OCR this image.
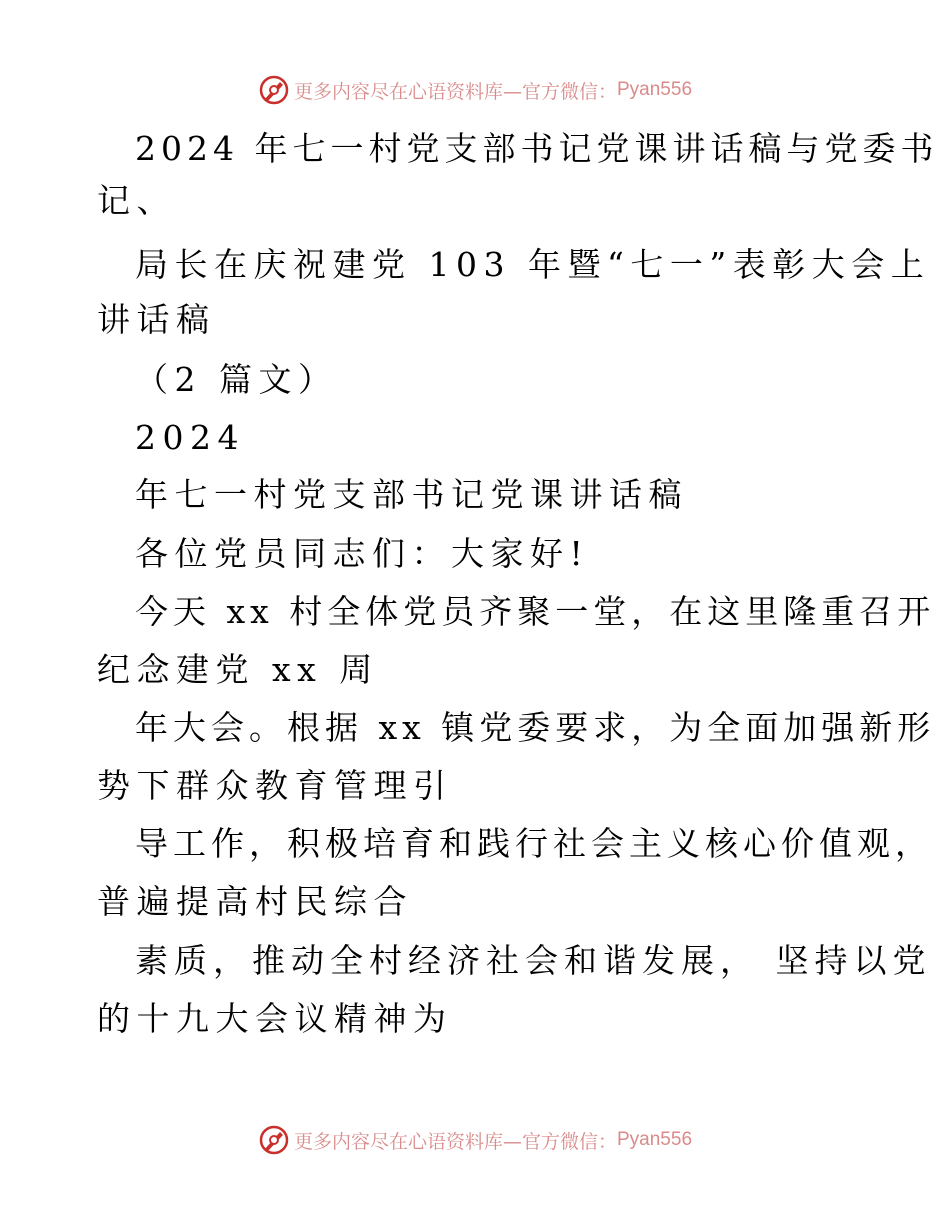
更多内容尽在心语资料库 —官方微信： Pyan556
2024 年七一村党支部书记党课讲话稿与党委书
记、
局长在庆祝建党 103 年暨“七一”表彰大会上
讲话稿
（2 篇文）
2024
年七一村党支部书记党课讲话稿
各位党员同志们：大家好!
今天 xx 村全体党员齐聚一堂，在这里隆重召开
纪念建党 xx 周
年大会。根据 xx 镇党委要求，为全面加强新形
势下群众教育管理引
导工作，积极培育和践行社会主义核心价值观，
普遍提高村民综合
素质，推动全村经济社会和谐发展， 坚持以党
的十九大会议精神为
更多内容尽在心语资料库 —官方微信： Pyan556
